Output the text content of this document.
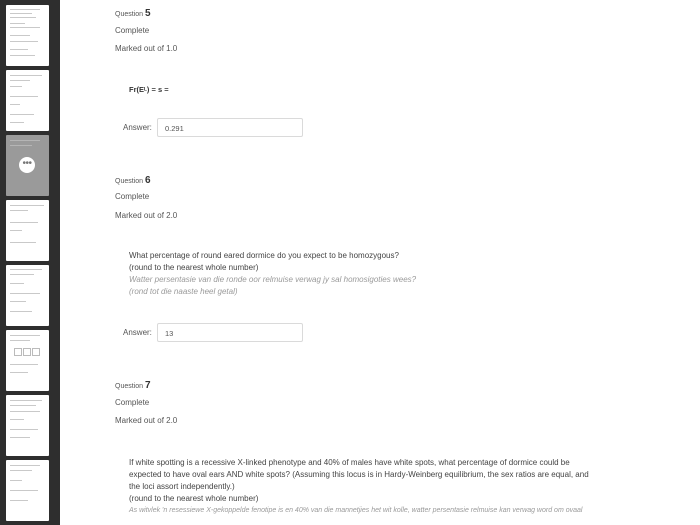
•••
Question 5
Complete
Marked out of 1.0
Fr(Eᴸ) = s =
Answer:	0.291
Question 6
Complete
Marked out of 2.0
What percentage of round eared dormice do you expect to be homozygous?
(round to the nearest whole number)
Watter persentasie van die ronde oor relmuise verwag jy sal homosigoties wees?
(rond tot die naaste heel getal)
Answer:	13
Question 7
Complete
Marked out of 2.0
If white spotting is a recessive X-linked phenotype and 40% of males have white spots, what percentage of dormice could be
expected to have oval ears AND white spots? (Assuming this locus is in Hardy-Weinberg equilibrium, the sex ratios are equal, and
the loci assort independently.)
(round to the nearest whole number)
As witvlek 'n resessiewe X-gekoppelde fenotipe is en 40% van die mannetjies het wit kolle, watter persentasie relmuise kan verwag word om ovaal
